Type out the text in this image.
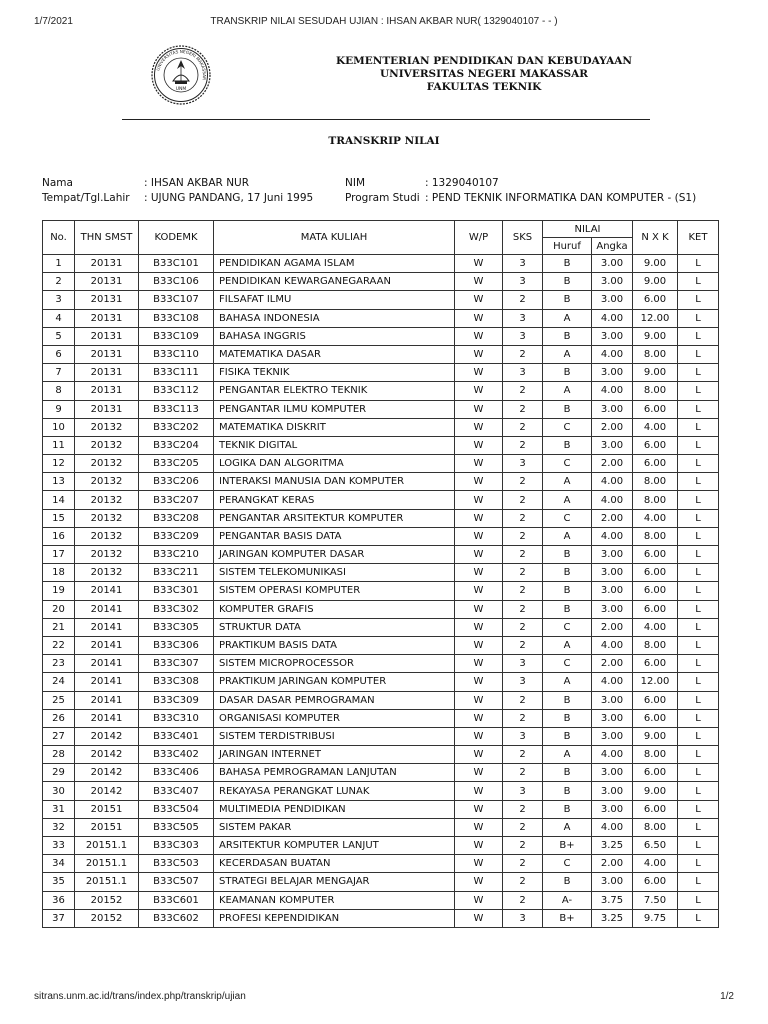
1/7/2021	TRANSKRIP NILAI SESUDAH UJIAN : IHSAN AKBAR NUR( 1329040107 - - )
UNIVERSITAS NEGERI MAKASSAR
UNM
KEMENTERIAN PENDIDIKAN DAN KEBUDAYAAN
UNIVERSITAS NEGERI MAKASSAR
FAKULTAS TEKNIK
TRANSKRIP NILAI
Nama	: IHSAN AKBAR NUR
Tempat/Tgl.Lahir : UJUNG PANDANG, 17 Juni 1995
NIM	: 1329040107
Program Studi : PEND TEKNIK INFORMATIKA DAN KOMPUTER - (S1)
No.	THN SMST	KODEMK	MATA KULIAH	W/P	SKS	NILAI		N X K	KET
						Huruf	Angka		
1	20131	B33C101	PENDIDIKAN AGAMA ISLAM	W	3	B	3.00	9.00	L
2	20131	B33C106	PENDIDIKAN KEWARGANEGARAAN	W	3	B	3.00	9.00	L
3	20131	B33C107	FILSAFAT ILMU	W	2	B	3.00	6.00	L
4	20131	B33C108	BAHASA INDONESIA	W	3	A	4.00	12.00	L
5	20131	B33C109	BAHASA INGGRIS	W	3	B	3.00	9.00	L
6	20131	B33C110	MATEMATIKA DASAR	W	2	A	4.00	8.00	L
7	20131	B33C111	FISIKA TEKNIK	W	3	B	3.00	9.00	L
8	20131	B33C112	PENGANTAR ELEKTRO TEKNIK	W	2	A	4.00	8.00	L
9	20131	B33C113	PENGANTAR ILMU KOMPUTER	W	2	B	3.00	6.00	L
10	20132	B33C202	MATEMATIKA DISKRIT	W	2	C	2.00	4.00	L
11	20132	B33C204	TEKNIK DIGITAL	W	2	B	3.00	6.00	L
12	20132	B33C205	LOGIKA DAN ALGORITMA	W	3	C	2.00	6.00	L
13	20132	B33C206	INTERAKSI MANUSIA DAN KOMPUTER	W	2	A	4.00	8.00	L
14	20132	B33C207	PERANGKAT KERAS	W	2	A	4.00	8.00	L
15	20132	B33C208	PENGANTAR ARSITEKTUR KOMPUTER	W	2	C	2.00	4.00	L
16	20132	B33C209	PENGANTAR BASIS DATA	W	2	A	4.00	8.00	L
17	20132	B33C210	JARINGAN KOMPUTER DASAR	W	2	B	3.00	6.00	L
18	20132	B33C211	SISTEM TELEKOMUNIKASI	W	2	B	3.00	6.00	L
19	20141	B33C301	SISTEM OPERASI KOMPUTER	W	2	B	3.00	6.00	L
20	20141	B33C302	KOMPUTER GRAFIS	W	2	B	3.00	6.00	L
21	20141	B33C305	STRUKTUR DATA	W	2	C	2.00	4.00	L
22	20141	B33C306	PRAKTIKUM BASIS DATA	W	2	A	4.00	8.00	L
23	20141	B33C307	SISTEM MICROPROCESSOR	W	3	C	2.00	6.00	L
24	20141	B33C308	PRAKTIKUM JARINGAN KOMPUTER	W	3	A	4.00	12.00	L
25	20141	B33C309	DASAR DASAR PEMROGRAMAN	W	2	B	3.00	6.00	L
26	20141	B33C310	ORGANISASI KOMPUTER	W	2	B	3.00	6.00	L
27	20142	B33C401	SISTEM TERDISTRIBUSI	W	3	B	3.00	9.00	L
28	20142	B33C402	JARINGAN INTERNET	W	2	A	4.00	8.00	L
29	20142	B33C406	BAHASA PEMROGRAMAN LANJUTAN	W	2	B	3.00	6.00	L
30	20142	B33C407	REKAYASA PERANGKAT LUNAK	W	3	B	3.00	9.00	L
31	20151	B33C504	MULTIMEDIA PENDIDIKAN	W	2	B	3.00	6.00	L
32	20151	B33C505	SISTEM PAKAR	W	2	A	4.00	8.00	L
33	20151.1	B33C303	ARSITEKTUR KOMPUTER LANJUT	W	2	B+	3.25	6.50	L
34	20151.1	B33C503	KECERDASAN BUATAN	W	2	C	2.00	4.00	L
35	20151.1	B33C507	STRATEGI BELAJAR MENGAJAR	W	2	B	3.00	6.00	L
36	20152	B33C601	KEAMANAN KOMPUTER	W	2	A-	3.75	7.50	L
37	20152	B33C602	PROFESI KEPENDIDIKAN	W	3	B+	3.25	9.75	L
sitrans.unm.ac.id/trans/index.php/transkrip/ujian	1/2
